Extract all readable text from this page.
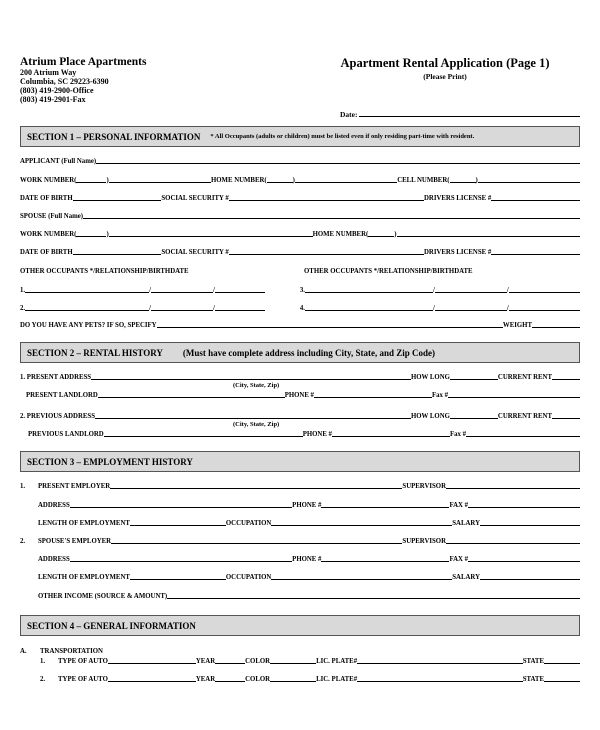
Atrium Place Apartments
200 Atrium Way
Columbia, SC 29223-6390
(803) 419-2900-Office
(803) 419-2901-Fax
Apartment Rental Application (Page 1)
(Please Print)
Date:
SECTION 1 – PERSONAL INFORMATION * All Occupants (adults or children) must be listed even if only residing part-time with resident.
APPLICANT (Full Name)
WORK NUMBER(	)	HOME NUMBER(	)	CELL NUMBER(	)
DATE OF BIRTH	SOCIAL SECURITY #	DRIVERS LICENSE #
SPOUSE (Full Name)
WORK NUMBER(	)	HOME NUMBER(	)
DATE OF BIRTH	SOCIAL SECURITY #	DRIVERS LICENSE #
OTHER OCCUPANTS */RELATIONSHIP/BIRTHDATE	OTHER OCCUPANTS */RELATIONSHIP/BIRTHDATE
1.	/	/	3.	/	/
2.	/	/	4.	/	/
DO YOU HAVE ANY PETS? IF SO, SPECIFY	WEIGHT
SECTION 2 – RENTAL HISTORY (Must have complete address including City, State, and Zip Code)
1. PRESENT ADDRESS	HOW LONG	CURRENT RENT
(City, State, Zip)
PRESENT LANDLORD	PHONE #	Fax #
2. PREVIOUS ADDRESS	HOW LONG	CURRENT RENT
(City, State, Zip)
PREVIOUS LANDLORD	PHONE #	Fax #
SECTION 3 – EMPLOYMENT HISTORY
1.	PRESENT EMPLOYER	SUPERVISOR
ADDRESS	PHONE #	FAX #
LENGTH OF EMPLOYMENT	OCCUPATION	SALARY
2.	SPOUSE'S EMPLOYER	SUPERVISOR
ADDRESS	PHONE #	FAX #
LENGTH OF EMPLOYMENT	OCCUPATION	SALARY
OTHER INCOME (SOURCE & AMOUNT)
SECTION 4 – GENERAL INFORMATION
A.	TRANSPORTATION
1.	TYPE OF AUTO	YEAR	COLOR	LIC. PLATE#	STATE
2.	TYPE OF AUTO	YEAR	COLOR	LIC. PLATE#	STATE
